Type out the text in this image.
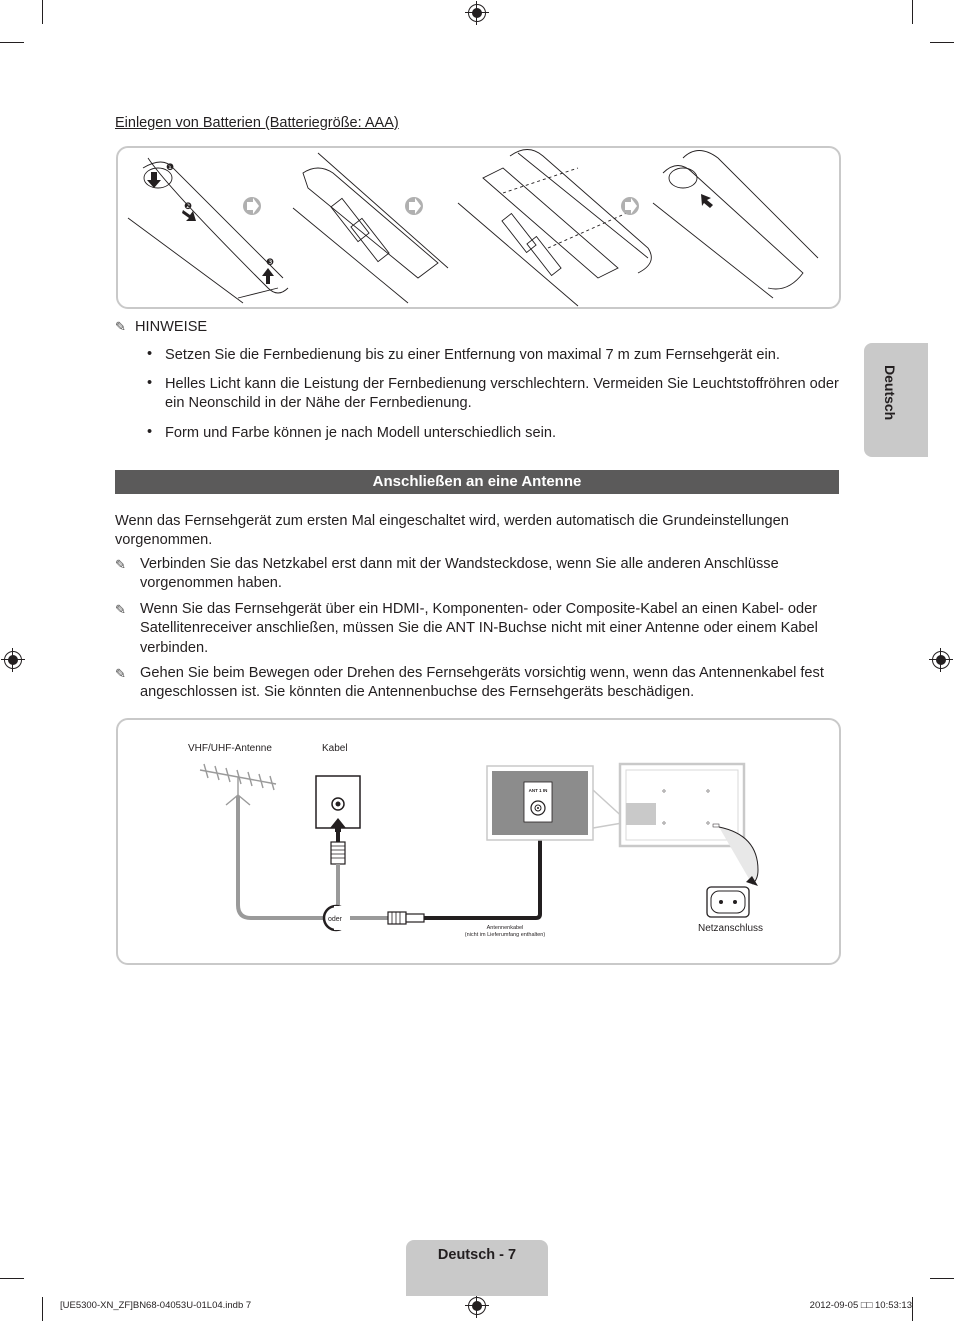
Einlegen von Batterien (Batteriegröße: AAA)
❶
❷
❸
✎ HINWEISE
• Setzen Sie die Fernbedienung bis zu einer Entfernung von maximal 7 m zum Fernsehgerät ein.
• Helles Licht kann die Leistung der Fernbedienung verschlechtern. Vermeiden Sie Leuchtstoffröhren oder ein Neonschild in der Nähe der Fernbedienung.
• Form und Farbe können je nach Modell unterschiedlich sein.
Deutsch
Anschließen an eine Antenne
Wenn das Fernsehgerät zum ersten Mal eingeschaltet wird, werden automatisch die Grundeinstellungen vorgenommen.
✎ Verbinden Sie das Netzkabel erst dann mit der Wandsteckdose, wenn Sie alle anderen Anschlüsse vorgenommen haben.
✎ Wenn Sie das Fernsehgerät über ein HDMI-, Komponenten- oder Composite-Kabel an einen Kabel- oder Satellitenreceiver anschließen, müssen Sie die ANT IN-Buchse nicht mit einer Antenne oder einem Kabel verbinden.
✎ Gehen Sie beim Bewegen oder Drehen des Fernsehgeräts vorsichtig wenn, wenn das Antennenkabel fest angeschlossen ist. Sie könnten die Antennenbuchse des Fernsehgeräts beschädigen.
VHF/UHF-Antenne	Kabel
oder
Antennenkabel
(nicht im Lieferumfang enthalten)
ANT 1 IN
Netzanschluss
Deutsch - 7
[UE5300-XN_ZF]BN68-04053U-01L04.indb 7	2012-09-05 □□ 10:53:13
